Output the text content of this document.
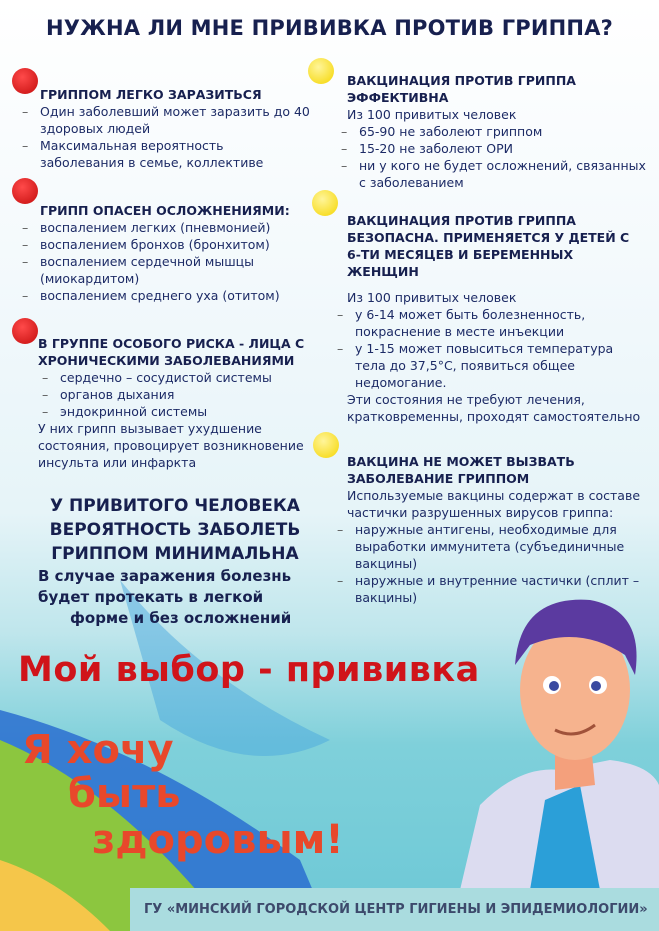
НУЖНА ЛИ МНЕ ПРИВИВКА ПРОТИВ ГРИППА?
ГРИППОМ ЛЕГКО ЗАРАЗИТЬСЯ
– Один заболевший может заразить до 40 здоровых людей
– Максимальная вероятность заболевания в семье, коллективе
ГРИПП ОПАСЕН ОСЛОЖНЕНИЯМИ:
– воспалением легких (пневмонией)
– воспалением бронхов (бронхитом)
– воспалением сердечной мышцы (миокардитом)
– воспалением среднего уха (отитом)
В ГРУППЕ ОСОБОГО РИСКА - ЛИЦА С ХРОНИЧЕСКИМИ ЗАБОЛЕВАНИЯМИ
– сердечно – сосудистой системы
– органов дыхания
– эндокринной системы
У них грипп вызывает ухудшение состояния, провоцирует возникновение инсульта или инфаркта
У ПРИВИТОГО ЧЕЛОВЕКА
ВЕРОЯТНОСТЬ ЗАБОЛЕТЬ
ГРИППОМ МИНИМАЛЬНА
В случае заражения болезнь
будет протекать в легкой
форме и без осложнений
ВАКЦИНАЦИЯ ПРОТИВ ГРИППА ЭФФЕКТИВНА
Из 100 привитых человек
– 65-90 не заболеют гриппом
– 15-20 не заболеют ОРИ
– ни у кого не будет осложнений, связанных с заболеванием
ВАКЦИНАЦИЯ ПРОТИВ ГРИППА БЕЗОПАСНА. ПРИМЕНЯЕТСЯ У ДЕТЕЙ С 6-ТИ МЕСЯЦЕВ И БЕРЕМЕННЫХ ЖЕНЩИН
Из 100 привитых человек
– у 6-14 может быть болезненность, покраснение в месте инъекции
– у 1-15 может повыситься температура тела до 37,5°С, появиться общее недомогание.
Эти состояния не требуют лечения, кратковременны, проходят самостоятельно
ВАКЦИНА НЕ МОЖЕТ ВЫЗВАТЬ ЗАБОЛЕВАНИЕ ГРИППОМ
Используемые вакцины содержат в составе частички разрушенных вирусов гриппа:
– наружные антигены, необходимые для выработки иммунитета (субъединичные вакцины)
– наружные и внутренние частички (сплит – вакцины)
Мой выбор - прививка
Я хочу
быть
здоровым!
ГУ «МИНСКИЙ ГОРОДСКОЙ ЦЕНТР ГИГИЕНЫ И ЭПИДЕМИОЛОГИИ»
